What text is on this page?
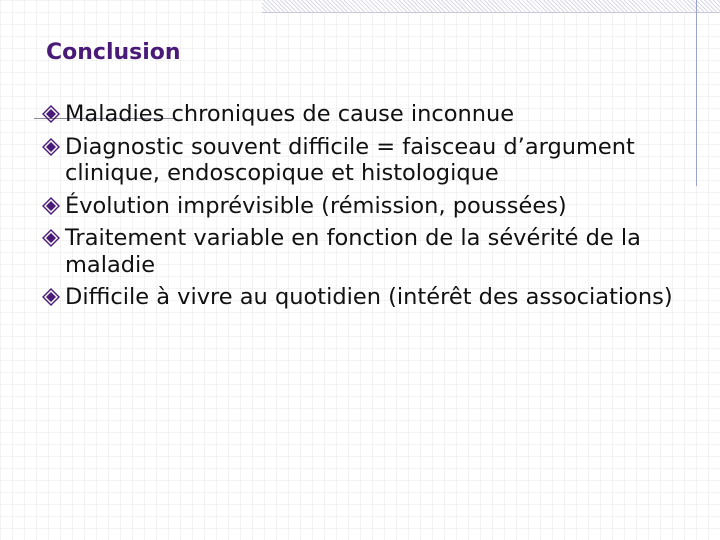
Conclusion
Maladies chroniques de cause inconnue
Diagnostic souvent difficile = faisceau d’argument clinique, endoscopique et histologique
Évolution imprévisible (rémission, poussées)
Traitement variable en fonction de la sévérité de la maladie
Difficile à vivre au quotidien (intérêt des associations)
